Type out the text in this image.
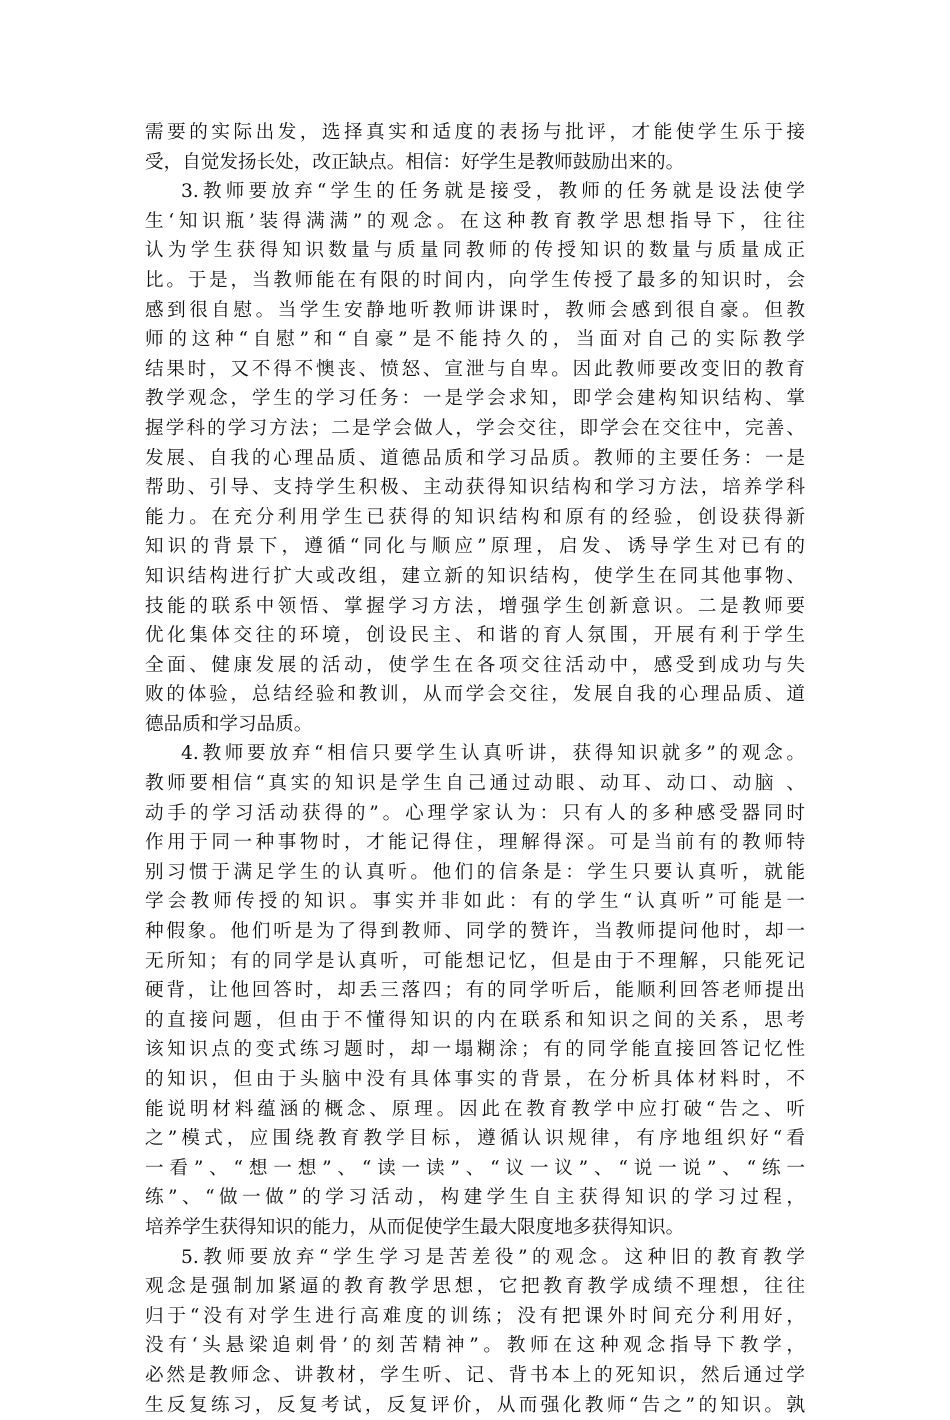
需要的实际出发，选择真实和适度的表扬与批评，才能使学生乐于接
受，自觉发扬长处，改正缺点。相信：好学生是教师鼓励出来的。
3.教师要放弃“学生的任务就是接受，教师的任务就是设法使学
生‘知识瓶’装得满满”的观念。在这种教育教学思想指导下，往往
认为学生获得知识数量与质量同教师的传授知识的数量与质量成正
比。于是，当教师能在有限的时间内，向学生传授了最多的知识时，会
感到很自慰。当学生安静地听教师讲课时，教师会感到很自豪。但教
师的这种“自慰”和“自豪”是不能持久的，当面对自己的实际教学
结果时，又不得不懊丧、愤怒、宣泄与自卑。因此教师要改变旧的教育
教学观念，学生的学习任务：一是学会求知，即学会建构知识结构、掌
握学科的学习方法；二是学会做人，学会交往，即学会在交往中，完善、
发展、自我的心理品质、道德品质和学习品质。教师的主要任务：一是
帮助、引导、支持学生积极、主动获得知识结构和学习方法，培养学科
能力。在充分利用学生已获得的知识结构和原有的经验，创设获得新
知识的背景下，遵循“同化与顺应”原理，启发、诱导学生对已有的
知识结构进行扩大或改组，建立新的知识结构，使学生在同其他事物、
技能的联系中领悟、掌握学习方法，增强学生创新意识。二是教师要
优化集体交往的环境，创设民主、和谐的育人氛围，开展有利于学生
全面、健康发展的活动，使学生在各项交往活动中，感受到成功与失
败的体验，总结经验和教训，从而学会交往，发展自我的心理品质、道
德品质和学习品质。
4.教师要放弃“相信只要学生认真听讲，获得知识就多”的观念。
教师要相信“真实的知识是学生自己通过动眼、动耳、动口、动脑 、
动手的学习活动获得的”。心理学家认为：只有人的多种感受器同时
作用于同一种事物时，才能记得住，理解得深。可是当前有的教师特
别习惯于满足学生的认真听。他们的信条是：学生只要认真听，就能
学会教师传授的知识。事实并非如此：有的学生“认真听”可能是一
种假象。他们听是为了得到教师、同学的赞许，当教师提问他时，却一
无所知；有的同学是认真听，可能想记忆，但是由于不理解，只能死记
硬背，让他回答时，却丢三落四；有的同学听后，能顺利回答老师提出
的直接问题，但由于不懂得知识的内在联系和知识之间的关系，思考
该知识点的变式练习题时，却一塌糊涂；有的同学能直接回答记忆性
的知识，但由于头脑中没有具体事实的背景，在分析具体材料时，不
能说明材料蕴涵的概念、原理。因此在教育教学中应打破“告之、听
之”模式，应围绕教育教学目标，遵循认识规律，有序地组织好“看
一看”、“想一想”、“读一读”、“议一议”、“说一说”、“练一
练”、“做一做”的学习活动，构建学生自主获得知识的学习过程，
培养学生获得知识的能力，从而促使学生最大限度地多获得知识。
5.教师要放弃“学生学习是苦差役”的观念。这种旧的教育教学
观念是强制加紧逼的教育教学思想，它把教育教学成绩不理想，往往
归于“没有对学生进行高难度的训练；没有把课外时间充分利用好，
没有‘头悬梁追刺骨’的刻苦精神”。教师在这种观念指导下教学，
必然是教师念、讲教材，学生听、记、背书本上的死知识，然后通过学
生反复练习，反复考试，反复评价，从而强化教师“告之”的知识。孰
